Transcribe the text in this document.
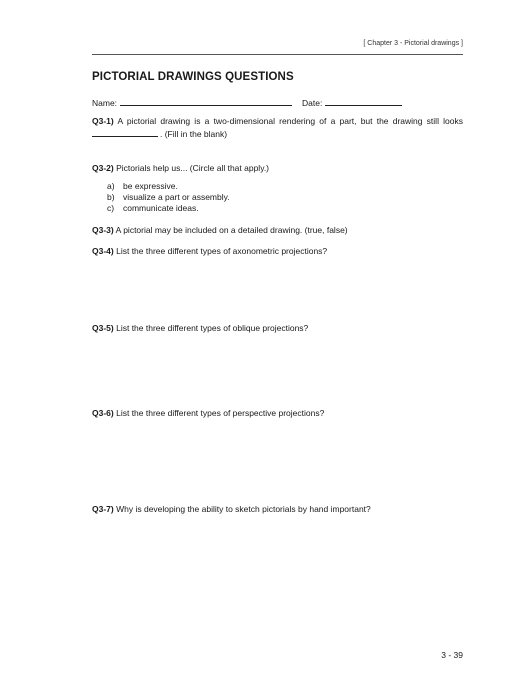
[ Chapter 3 - Pictorial drawings ]
PICTORIAL DRAWINGS QUESTIONS
Name:	Date:

Q3-1) A pictorial drawing is a two-dimensional rendering of a part, but the drawing still looks . (Fill in the blank)

Q3-2) Pictorials help us... (Circle all that apply.)

a) be expressive.
b) visualize a part or assembly.
c)	communicate ideas.

Q3-3) A pictorial may be included on a detailed drawing. (true, false)

Q3-4) List the three different types of axonometric projections?

Q3-5) List the three different types of oblique projections?

Q3-6) List the three different types of perspective projections?

Q3-7) Why is developing the ability to sketch pictorials by hand important?

3 - 39
